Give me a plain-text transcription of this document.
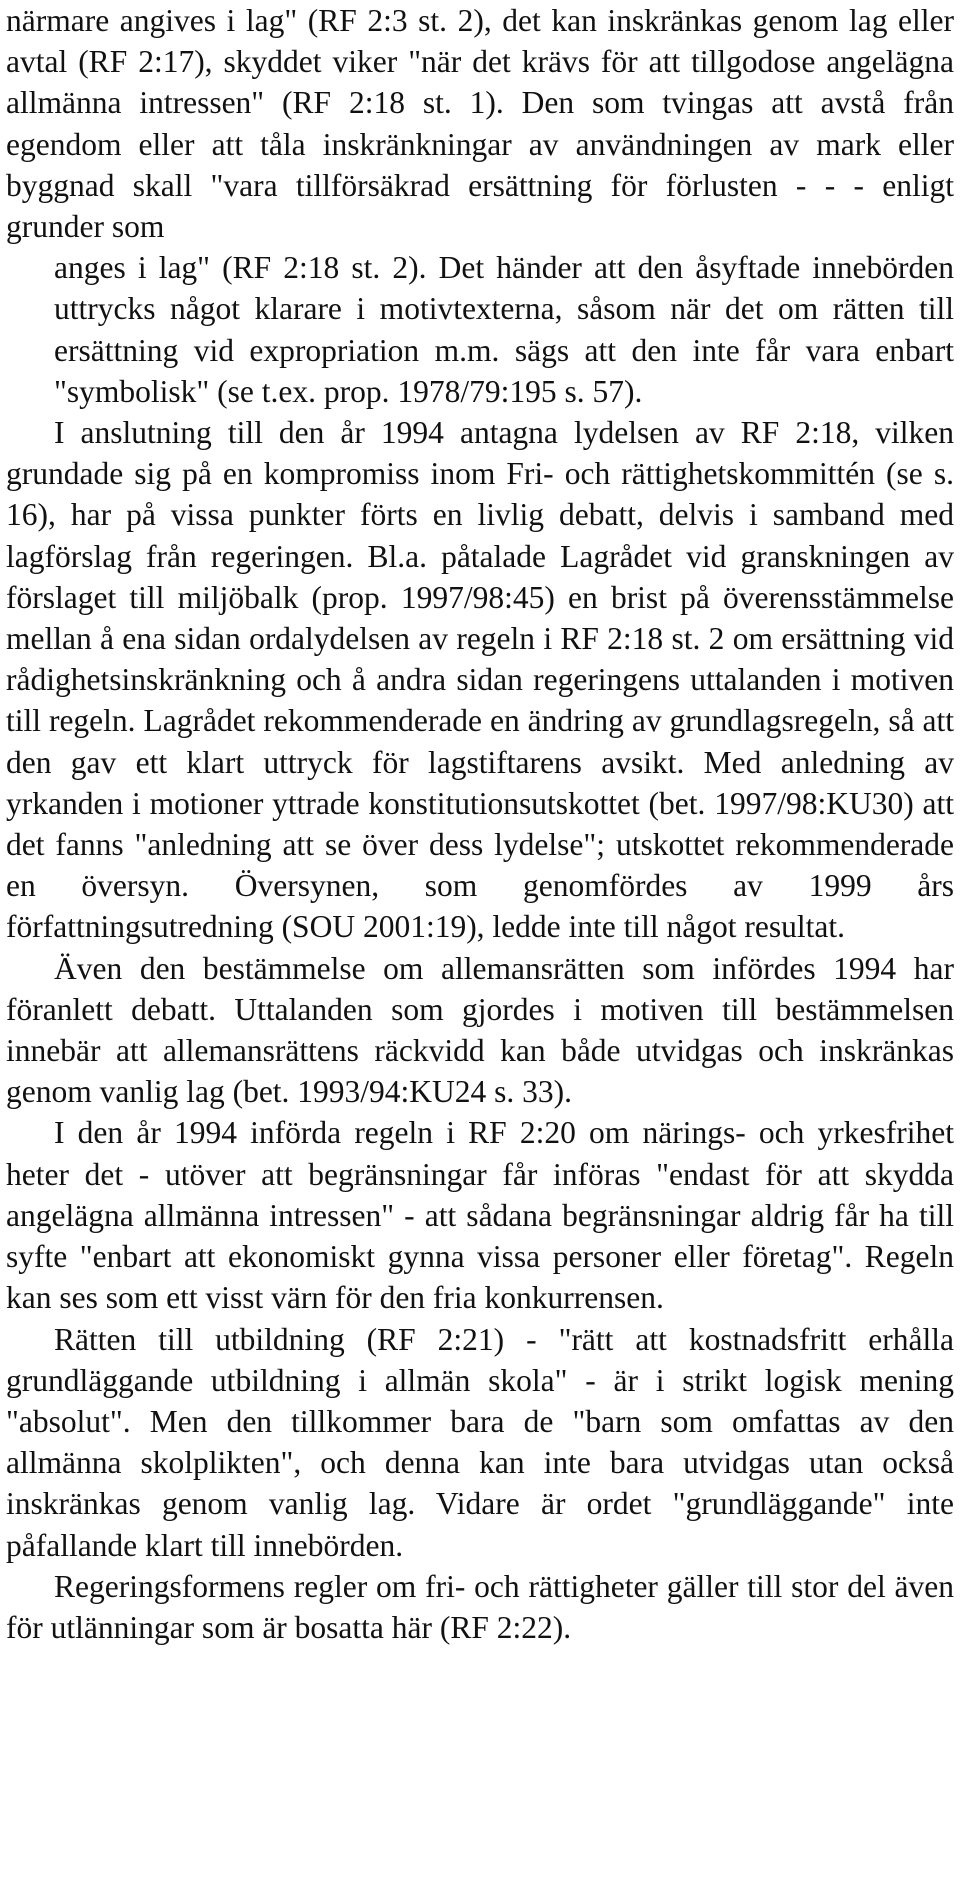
närmare angives i lag" (RF 2:3 st. 2), det kan inskränkas genom lag eller avtal (RF 2:17), skyddet viker "när det krävs för att tillgodose angelägna allmänna intressen" (RF 2:18 st. 1). Den som tvingas att avstå från egendom eller att tåla inskränkningar av användningen av mark eller byggnad skall "vara tillförsäkrad ersättning för förlusten - - - enligt grunder som
anges i lag" (RF 2:18 st. 2). Det händer att den åsyftade innebörden uttrycks något klarare i motivtexterna, såsom när det om rätten till ersättning vid expropriation m.m. sägs att den inte får vara enbart "symbolisk" (se t.ex. prop. 1978/79:195 s. 57).

I anslutning till den år 1994 antagna lydelsen av RF 2:18, vilken grundade sig på en kompromiss inom Fri- och rättighetskommittén (se s. 16), har på vissa punkter förts en livlig debatt, delvis i samband med lagförslag från regeringen. Bl.a. påtalade Lagrådet vid granskningen av förslaget till miljöbalk (prop. 1997/98:45) en brist på överensstämmelse mellan å ena sidan ordalydelsen av regeln i RF 2:18 st. 2 om ersättning vid rådighetsinskränkning och å andra sidan regeringens uttalanden i motiven till regeln. Lagrådet rekommenderade en ändring av grundlagsregeln, så att den gav ett klart uttryck för lagstiftarens avsikt. Med anledning av yrkanden i motioner yttrade konstitutionsutskottet (bet. 1997/98:KU30) att det fanns "anledning att se över dess lydelse"; utskottet rekommenderade en översyn. Översynen, som genomfördes av 1999 års författningsutredning (SOU 2001:19), ledde inte till något resultat.

Även den bestämmelse om allemansrätten som infördes 1994 har föranlett debatt. Uttalanden som gjordes i motiven till bestämmelsen innebär att allemansrättens räckvidd kan både utvidgas och inskränkas genom vanlig lag (bet. 1993/94:KU24 s. 33).

I den år 1994 införda regeln i RF 2:20 om närings- och yrkesfrihet heter det - utöver att begränsningar får införas "endast för att skydda angelägna allmänna intressen" - att sådana begränsningar aldrig får ha till syfte "enbart att ekonomiskt gynna vissa personer eller företag". Regeln kan ses som ett visst värn för den fria konkurrensen.

Rätten till utbildning (RF 2:21) - "rätt att kostnadsfritt erhålla grundläggande utbildning i allmän skola" - är i strikt logisk mening "absolut". Men den tillkommer bara de "barn som omfattas av den allmänna skolplikten", och denna kan inte bara utvidgas utan också inskränkas genom vanlig lag. Vidare är ordet "grundläggande" inte påfallande klart till innebörden.

Regeringsformens regler om fri- och rättigheter gäller till stor del även för utlänningar som är bosatta här (RF 2:22).
